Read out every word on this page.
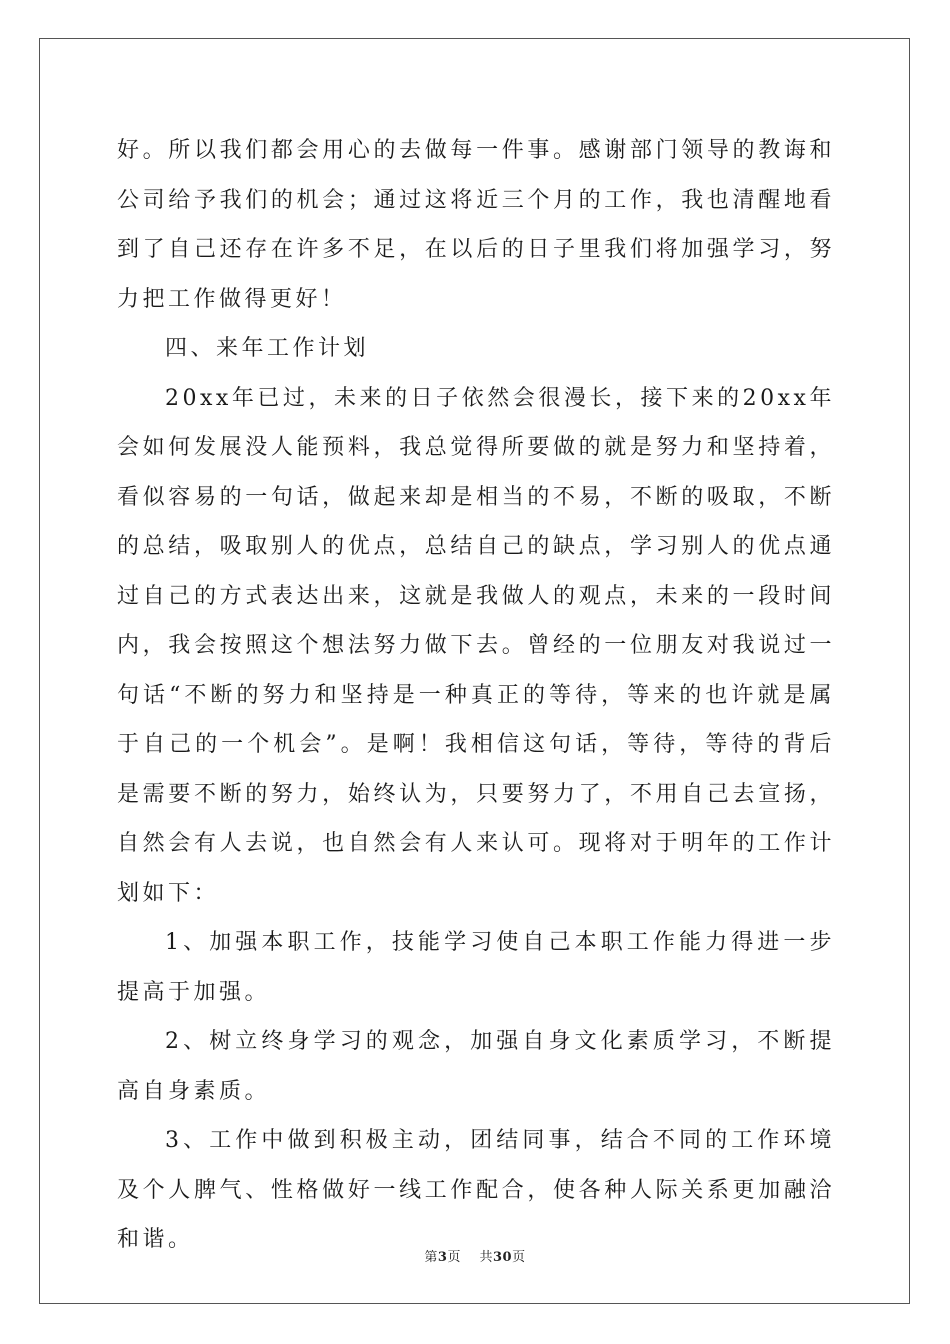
好。所以我们都会用心的去做每一件事。感谢部门领导的教诲和公司给予我们的机会；通过这将近三个月的工作，我也清醒地看到了自己还存在许多不足，在以后的日子里我们将加强学习，努力把工作做得更好！

四、来年工作计划

20xx年已过，未来的日子依然会很漫长，接下来的20xx年会如何发展没人能预料，我总觉得所要做的就是努力和坚持着，看似容易的一句话，做起来却是相当的不易，不断的吸取，不断的总结，吸取别人的优点，总结自己的缺点，学习别人的优点通过自己的方式表达出来，这就是我做人的观点，未来的一段时间内，我会按照这个想法努力做下去。曾经的一位朋友对我说过一句话“不断的努力和坚持是一种真正的等待，等来的也许就是属于自己的一个机会”。是啊！我相信这句话，等待，等待的背后是需要不断的努力，始终认为，只要努力了，不用自己去宣扬，自然会有人去说，也自然会有人来认可。现将对于明年的工作计划如下：

1、加强本职工作，技能学习使自己本职工作能力得进一步提高于加强。

2、树立终身学习的观念，加强自身文化素质学习，不断提高自身素质。

3、工作中做到积极主动，团结同事，结合不同的工作环境及个人脾气、性格做好一线工作配合，使各种人际关系更加融洽和谐。

第3页 共30页
